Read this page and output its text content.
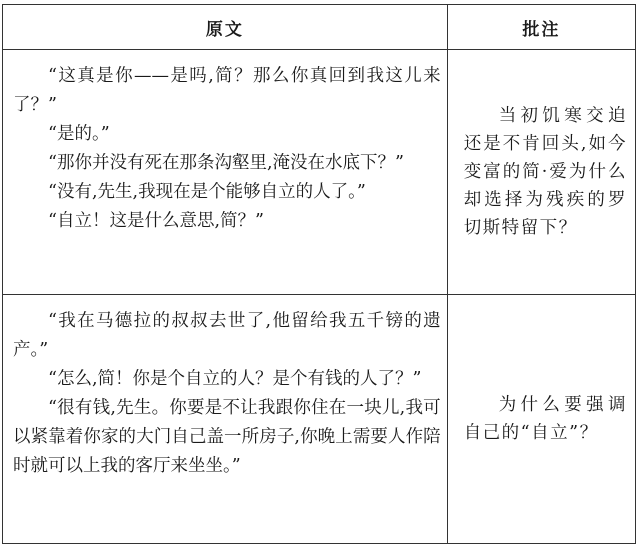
原文	批注

“这真是你——是吗,简？那么你真回到我这儿来了？”

“是的。”

“那你并没有死在那条沟壑里,淹没在水底下？”

“没有,先生,我现在是个能够自立的人了。”

“自立！这是什么意思,简？”	当初饥寒交迫还是不肯回头,如今变富的简·爱为什么却选择为残疾的罗切斯特留下？

“我在马德拉的叔叔去世了,他留给我五千镑的遗产。”

“怎么,简！你是个自立的人？是个有钱的人了？”

“很有钱,先生。你要是不让我跟你住在一块儿,我可以紧靠着你家的大门自己盖一所房子,你晚上需要人作陪时就可以上我的客厅来坐坐。”	为什么要强调自己的“自立”？
